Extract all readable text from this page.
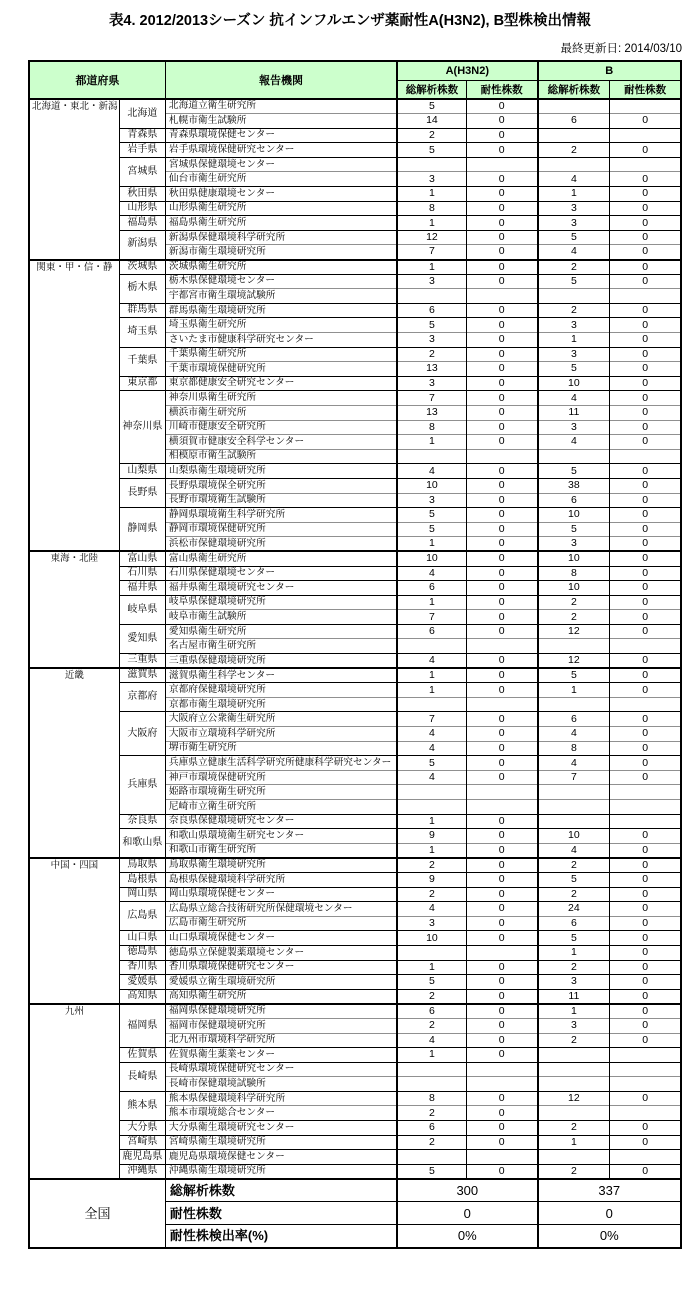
表4. 2012/2013シーズン 抗インフルエンザ薬耐性A(H3N2), B型株検出情報
最終更新日: 2014/03/10
都道府県		報告機関	A(H3N2)		B	
			総解析株数	耐性株数	総解析株数	耐性株数
北海道・東北・新潟	北海道	北海道立衛生研究所	5	0		
		札幌市衛生試験所	14	0	6	0
	青森県	青森県環境保健センター	2	0		
	岩手県	岩手県環境保健研究センター	5	0	2	0
	宮城県	宮城県保健環境センター				
		仙台市衛生研究所	3	0	4	0
	秋田県	秋田県健康環境センター	1	0	1	0
	山形県	山形県衛生研究所	8	0	3	0
	福島県	福島県衛生研究所	1	0	3	0
	新潟県	新潟県保健環境科学研究所	12	0	5	0
		新潟市衛生環境研究所	7	0	4	0
関東・甲・信・静	茨城県	茨城県衛生研究所	1	0	2	0
	栃木県	栃木県保健環境センター	3	0	5	0
		宇都宮市衛生環境試験所				
	群馬県	群馬県衛生環境研究所	6	0	2	0
	埼玉県	埼玉県衛生研究所	5	0	3	0
		さいたま市健康科学研究センター	3	0	1	0
	千葉県	千葉県衛生研究所	2	0	3	0
		千葉市環境保健研究所	13	0	5	0
	東京都	東京都健康安全研究センター	3	0	10	0
	神奈川県	神奈川県衛生研究所	7	0	4	0
		横浜市衛生研究所	13	0	11	0
		川崎市健康安全研究所	8	0	3	0
		横須賀市健康安全科学センター	1	0	4	0
		相模原市衛生試験所				
	山梨県	山梨県衛生環境研究所	4	0	5	0
	長野県	長野県環境保全研究所	10	0	38	0
		長野市環境衛生試験所	3	0	6	0
	静岡県	静岡県環境衛生科学研究所	5	0	10	0
		静岡市環境保健研究所	5	0	5	0
		浜松市保健環境研究所	1	0	3	0
東海・北陸	富山県	富山県衛生研究所	10	0	10	0
	石川県	石川県保健環境センター	4	0	8	0
	福井県	福井県衛生環境研究センター	6	0	10	0
	岐阜県	岐阜県保健環境研究所	1	0	2	0
		岐阜市衛生試験所	7	0	2	0
	愛知県	愛知県衛生研究所	6	0	12	0
		名古屋市衛生研究所				
	三重県	三重県保健環境研究所	4	0	12	0
近畿	滋賀県	滋賀県衛生科学センター	1	0	5	0
	京都府	京都府保健環境研究所	1	0	1	0
		京都市衛生環境研究所				
	大阪府	大阪府立公衆衛生研究所	7	0	6	0
		大阪市立環境科学研究所	4	0	4	0
		堺市衛生研究所	4	0	8	0
	兵庫県	兵庫県立健康生活科学研究所健康科学研究センター	5	0	4	0
		神戸市環境保健研究所	4	0	7	0
		姫路市環境衛生研究所				
		尼崎市立衛生研究所				
	奈良県	奈良県保健環境研究センター	1	0		
	和歌山県	和歌山県環境衛生研究センター	9	0	10	0
		和歌山市衛生研究所	1	0	4	0
中国・四国	鳥取県	鳥取県衛生環境研究所	2	0	2	0
	島根県	島根県保健環境科学研究所	9	0	5	0
	岡山県	岡山県環境保健センター	2	0	2	0
	広島県	広島県立総合技術研究所保健環境センター	4	0	24	0
		広島市衛生研究所	3	0	6	0
	山口県	山口県環境保健センター	10	0	5	0
	徳島県	徳島県立保健製薬環境センター			1	0
	香川県	香川県環境保健研究センター	1	0	2	0
	愛媛県	愛媛県立衛生環境研究所	5	0	3	0
	高知県	高知県衛生研究所	2	0	11	0
九州	福岡県	福岡県保健環境研究所	6	0	1	0
		福岡市保健環境研究所	2	0	3	0
		北九州市環境科学研究所	4	0	2	0
	佐賀県	佐賀県衛生薬業センター	1	0		
	長崎県	長崎県環境保健研究センター				
		長崎市保健環境試験所				
	熊本県	熊本県保健環境科学研究所	8	0	12	0
		熊本市環境総合センター	2	0		
	大分県	大分県衛生環境研究センター	6	0	2	0
	宮崎県	宮崎県衛生環境研究所	2	0	1	0
	鹿児島県	鹿児島県環境保健センター				
	沖縄県	沖縄県衛生環境研究所	5	0	2	0
全国		総解析株数	300		337	
		耐性株数	0		0	
		耐性株検出率(%)	0%		0%	
